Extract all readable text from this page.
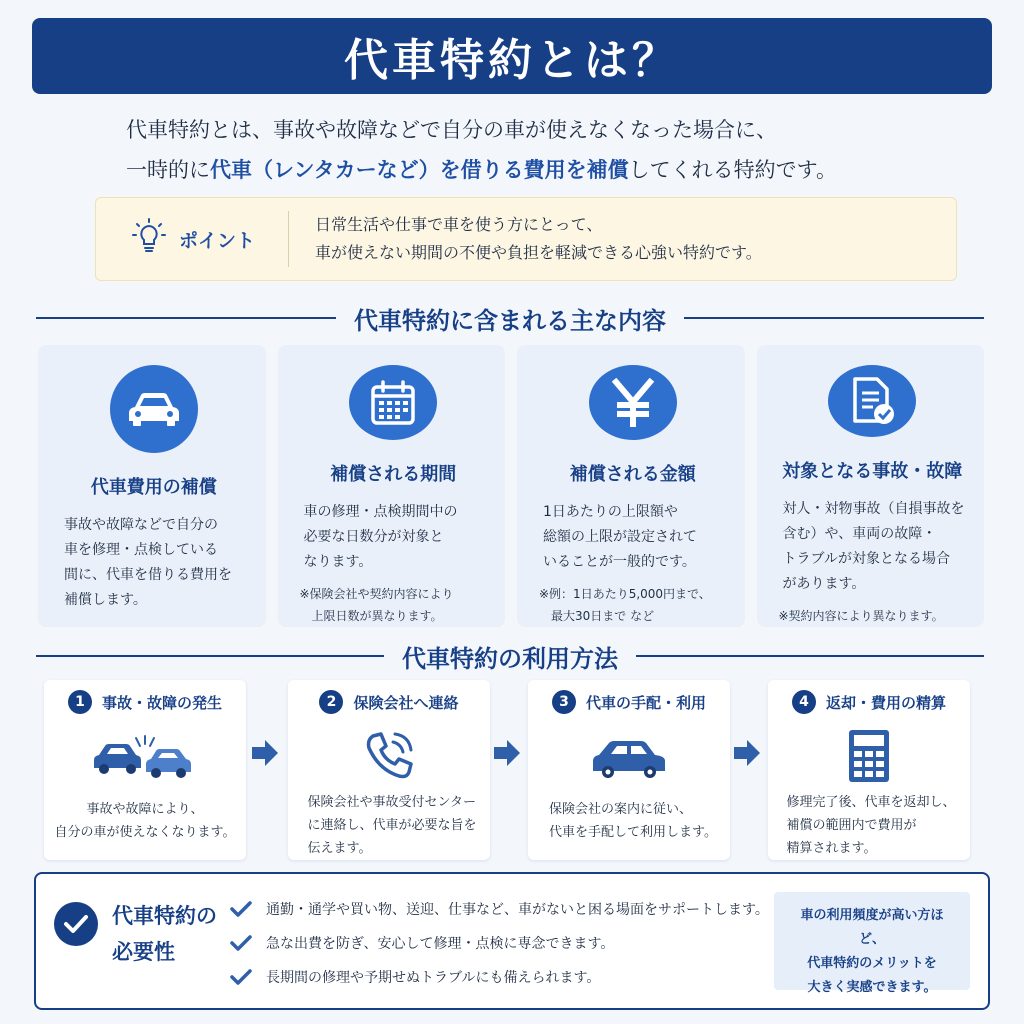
代車特約とは？

代車特約とは、事故や故障などで自分の車が使えなくなった場合に、

一時的に代車（レンタカーなど）を借りる費用を補償してくれる特約です。

ポイント
日常生活や仕事で車を使う方にとって、
車が使えない期間の不便や負担を軽減できる心強い特約です。
代車特約に含まれる主な内容
代車費用の補償
事故や故障などで自分の
車を修理・点検している
間に、代車を借りる費用を
補償します。
補償される期間
車の修理・点検期間中の
必要な日数分が対象と
なります。
※保険会社や契約内容により
上限日数が異なります。
補償される金額
1日あたりの上限額や
総額の上限が設定されて
いることが一般的です。
※例：1日あたり5,000円まで、
最大30日まで など
対象となる事故・故障
対人・対物事故（自損事故を
含む）や、車両の故障・
トラブルが対象となる場合
があります。
※契約内容により異なります。
代車特約の利用方法
1	事故・故障の発生
事故や故障により、
自分の車が使えなくなります。
2	保険会社へ連絡
保険会社や事故受付センター
に連絡し、代車が必要な旨を
伝えます。
3	代車の手配・利用
保険会社の案内に従い、
代車を手配して利用します。
4	返却・費用の精算
修理完了後、代車を返却し、
補償の範囲内で費用が
精算されます。
代車特約の
必要性
通勤・通学や買い物、送迎、仕事など、車がないと困る場面をサポートします。
急な出費を防ぎ、安心して修理・点検に専念できます。
長期間の修理や予期せぬトラブルにも備えられます。
車の利用頻度が高い方ほど、
代車特約のメリットを
大きく実感できます。
